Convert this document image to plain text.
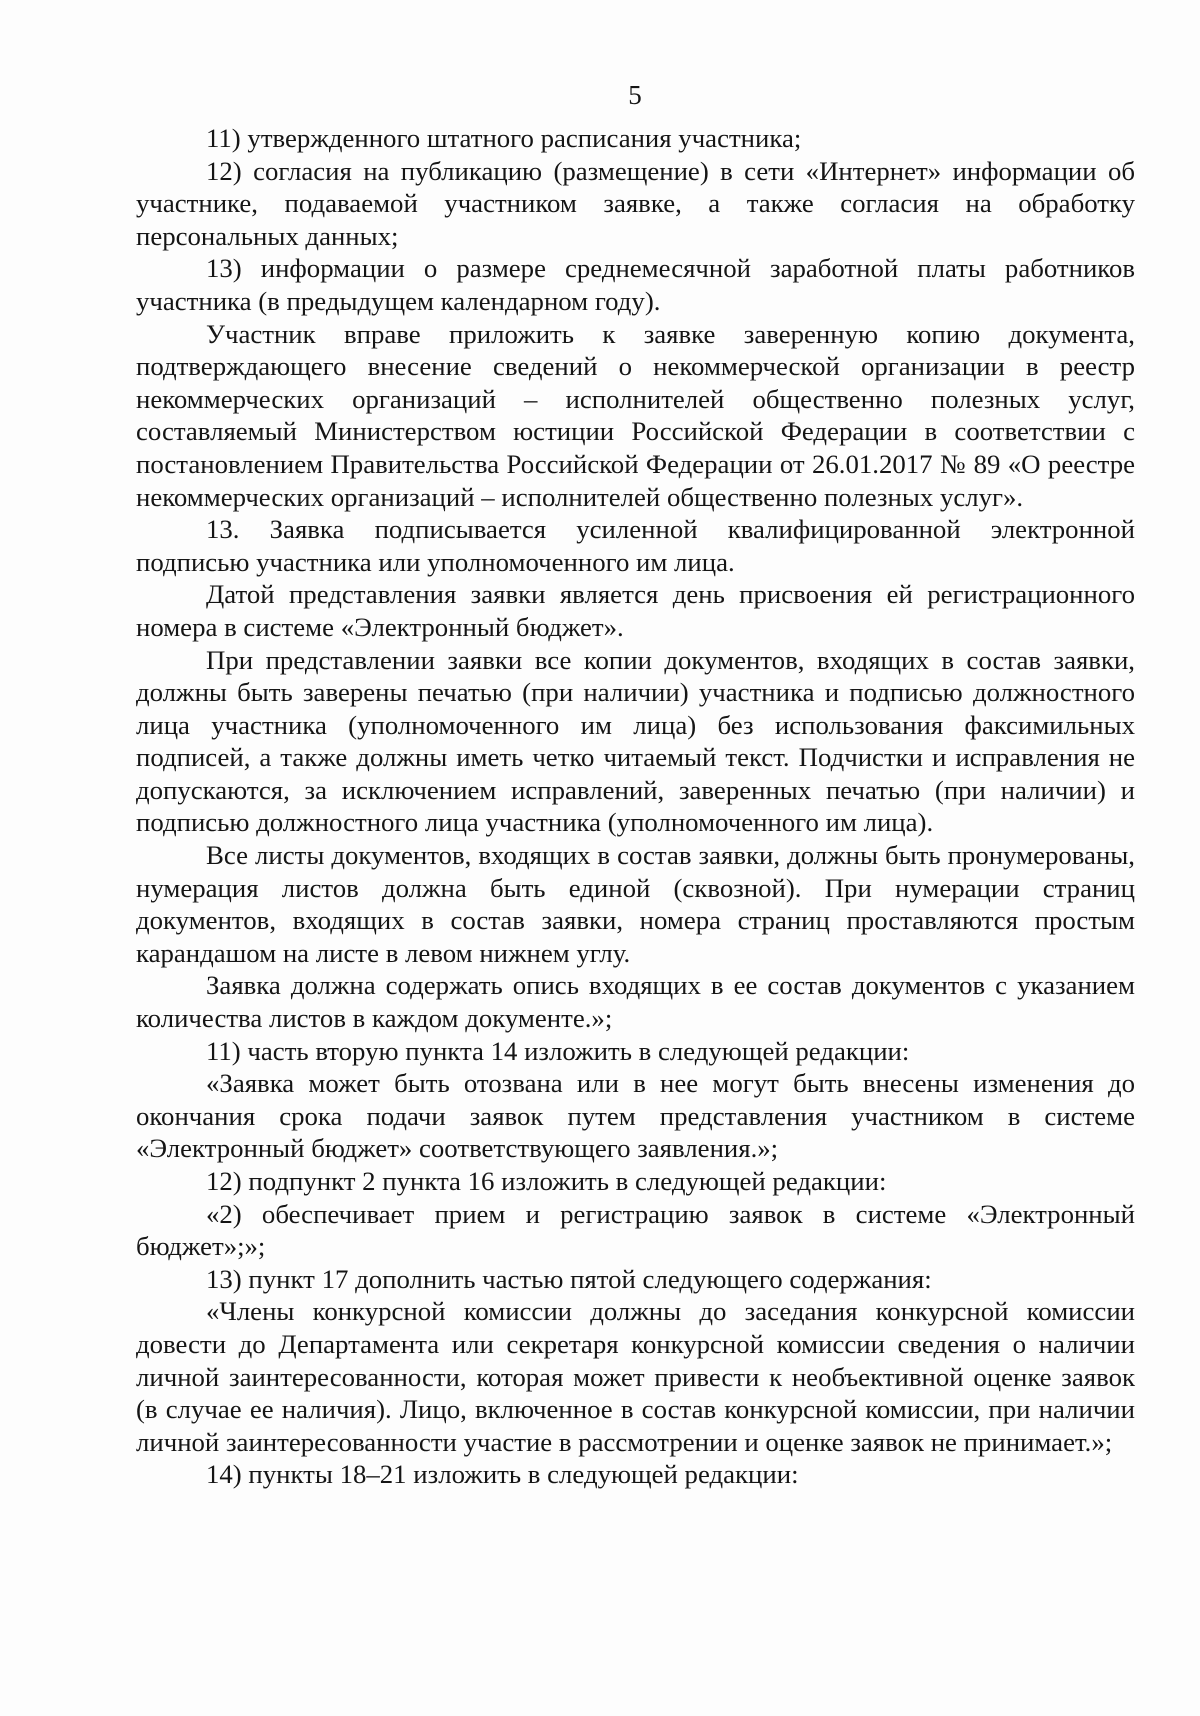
5

11) утвержденного штатного расписания участника;

12) согласия на публикацию (размещение) в сети «Интернет» информации об участнике, подаваемой участником заявке, а также согласия на обработку персональных данных;

13) информации о размере среднемесячной заработной платы работников участника (в предыдущем календарном году).

Участник вправе приложить к заявке заверенную копию документа, подтверждающего внесение сведений о некоммерческой организации в реестр некоммерческих организаций – исполнителей общественно полезных услуг, составляемый Министерством юстиции Российской Федерации в соответствии с постановлением Правительства Российской Федерации от 26.01.2017 № 89 «О реестре некоммерческих организаций – исполнителей общественно полезных услуг».

13. Заявка подписывается усиленной квалифицированной электронной подписью участника или уполномоченного им лица.

Датой представления заявки является день присвоения ей регистрационного номера в системе «Электронный бюджет».

При представлении заявки все копии документов, входящих в состав заявки, должны быть заверены печатью (при наличии) участника и подписью должностного лица участника (уполномоченного им лица) без использования факсимильных подписей, а также должны иметь четко читаемый текст. Подчистки и исправления не допускаются, за исключением исправлений, заверенных печатью (при наличии) и подписью должностного лица участника (уполномоченного им лица).

Все листы документов, входящих в состав заявки, должны быть пронумерованы, нумерация листов должна быть единой (сквозной). При нумерации страниц документов, входящих в состав заявки, номера страниц проставляются простым карандашом на листе в левом нижнем углу.

Заявка должна содержать опись входящих в ее состав документов с указанием количества листов в каждом документе.»;

11) часть вторую пункта 14 изложить в следующей редакции:

«Заявка может быть отозвана или в нее могут быть внесены изменения до окончания срока подачи заявок путем представления участником в системе «Электронный бюджет» соответствующего заявления.»;

12) подпункт 2 пункта 16 изложить в следующей редакции:

«2) обеспечивает прием и регистрацию заявок в системе «Электронный бюджет»;»;

13) пункт 17 дополнить частью пятой следующего содержания:

«Члены конкурсной комиссии должны до заседания конкурсной комиссии довести до Департамента или секретаря конкурсной комиссии сведения о наличии личной заинтересованности, которая может привести к необъективной оценке заявок (в случае ее наличия). Лицо, включенное в состав конкурсной комиссии, при наличии личной заинтересованности участие в рассмотрении и оценке заявок не принимает.»;

14) пункты 18–21 изложить в следующей редакции:
